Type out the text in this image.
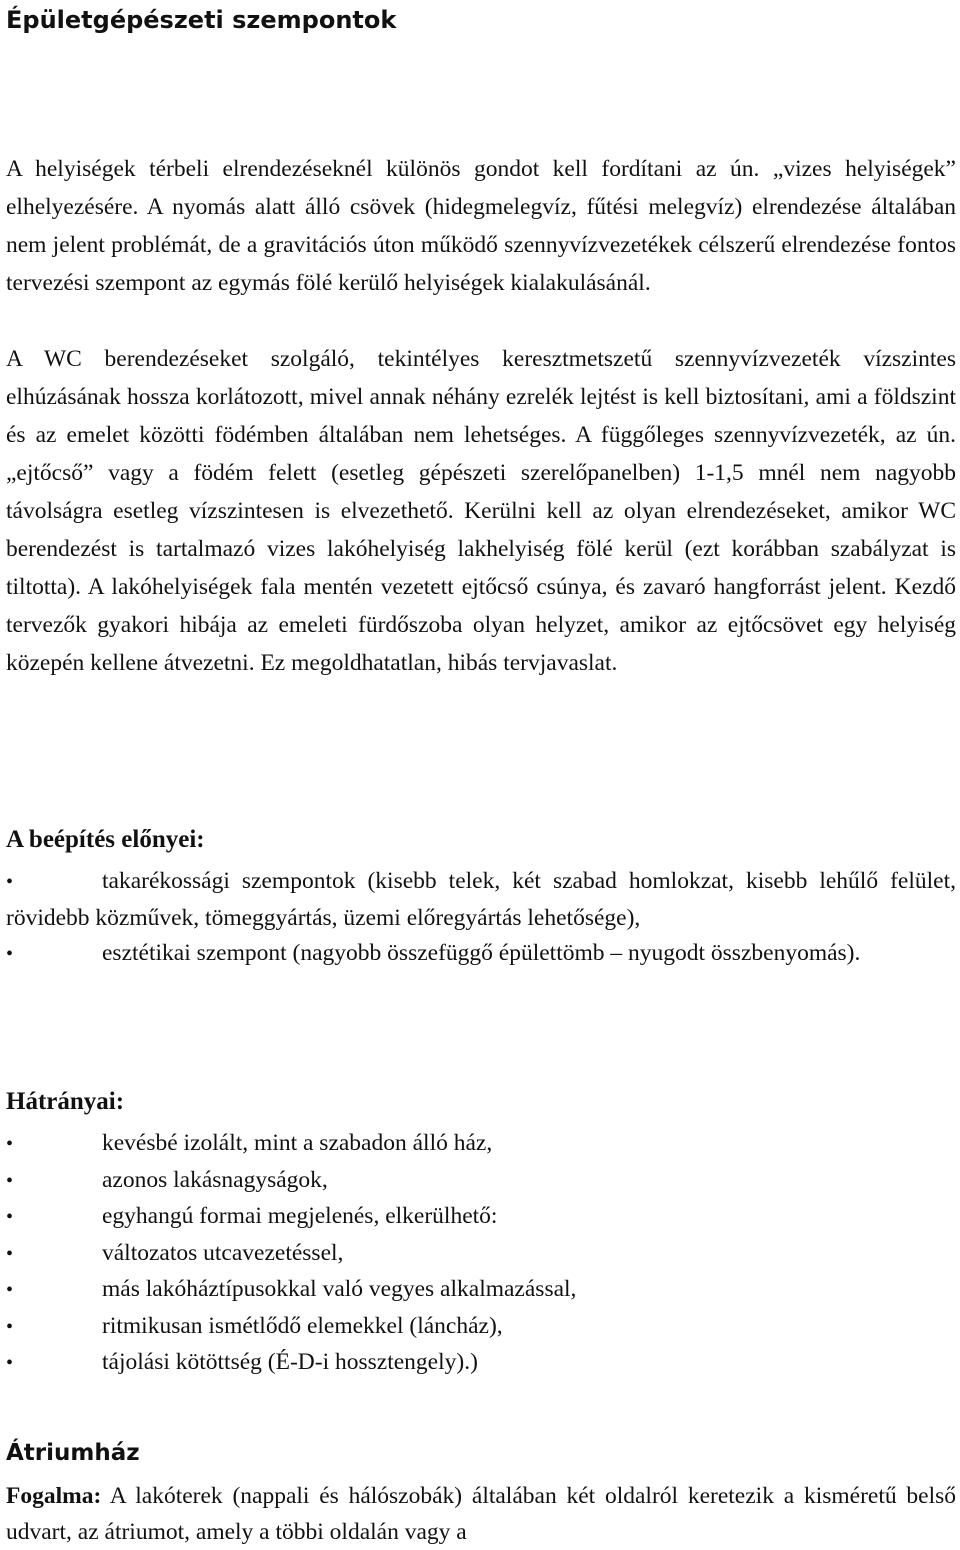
Épületgépészeti szempontok

A helyiségek térbeli elrendezéseknél különös gondot kell fordítani az ún. „vizes helyiségek” elhelyezésére. A nyomás alatt álló csövek (hidegmelegvíz, fűtési melegvíz) elrendezése általában nem jelent problémát, de a gravitációs úton működő szennyvízvezetékek célszerű elrendezése fontos tervezési szempont az egymás fölé kerülő helyiségek kialakulásánál.

A WC berendezéseket szolgáló, tekintélyes keresztmetszetű szennyvízvezeték vízszintes elhúzásának hossza korlátozott, mivel annak néhány ezrelék lejtést is kell biztosítani, ami a földszint és az emelet közötti födémben általában nem lehetséges. A függőleges szennyvízvezeték, az ún. „ejtőcső” vagy a födém felett (esetleg gépészeti szerelőpanelben) 1-1,5 mnél nem nagyobb távolságra esetleg vízszintesen is elvezethető. Kerülni kell az olyan elrendezéseket, amikor WC berendezést is tartalmazó vizes lakóhelyiség lakhelyiség fölé kerül (ezt korábban szabályzat is tiltotta). A lakóhelyiségek fala mentén vezetett ejtőcső csúnya, és zavaró hangforrást jelent. Kezdő tervezők gyakori hibája az emeleti fürdőszoba olyan helyzet, amikor az ejtőcsövet egy helyiség közepén kellene átvezetni. Ez megoldhatatlan, hibás tervjavaslat.

A beépítés előnyei:
•takarékossági szempontok (kisebb telek, két szabad homlokzat, kisebb lehűlő felület, rövidebb közművek, tömeggyártás, üzemi előregyártás lehetősége),
•esztétikai szempont (nagyobb összefüggő épülettömb – nyugodt összbenyomás).
Hátrányai:
•kevésbé izolált, mint a szabadon álló ház,
•azonos lakásnagyságok,
•egyhangú formai megjelenés, elkerülhető:
•változatos utcavezetéssel,
•más lakóháztípusokkal való vegyes alkalmazással,
•ritmikusan ismétlődő elemekkel (láncház),
•tájolási kötöttség (É-D-i hossztengely).)
Átriumház

Fogalma: A lakóterek (nappali és hálószobák) általában két oldalról keretezik a kisméretű belső udvart, az átriumot, amely a többi oldalán vagy a
